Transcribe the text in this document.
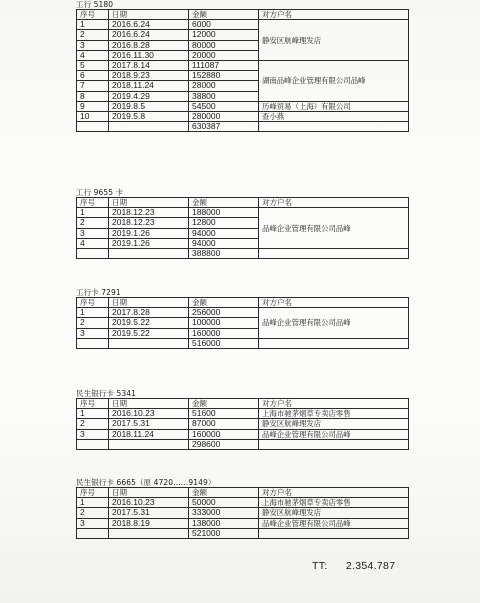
工行 5180
序号	日期	金额	对方户名
1	2016.6.24	6000	静安区航峰理发店
2	2016.6.24	12000	
3	2016.8.28	80000	
4	2016.11.30	20000	
5	2017.8.14	111087	湖南品峰企业管理有限公司品峰
6	2018.9.23	152880	
7	2018.11.24	28000	
8	2019.4.29	38800	
9	2019.8.5	54500	历峰贸易（上海）有限公司
10	2019.5.8	280000	查小燕
		630387	
工行 9655 卡
序号	日期	金额	对方户名
1	2018.12.23	188000	品峰企业管理有限公司品峰
2	2018.12.23	12800	
3	2019.1.26	94000	
4	2019.1.26	94000	
		388800	
工行卡 7291
序号	日期	金额	对方户名
1	2017.8.28	256000	品峰企业管理有限公司品峰
2	2019.5.22	100000	
3	2019.5.22	160000	
		516000	
民生银行卡 5341
序号	日期	金额	对方户名
1	2016.10.23	51600	上海市驰茅烟草专卖店零售
2	2017.5.31	87000	静安区航峰理发店
3	2018.11.24	160000	品峰企业管理有限公司品峰
		298600	
民生银行卡 6665（原 4720……9149）
序号	日期	金额	对方户名
1	2016.10.23	50000	上海市驰茅烟草专卖店零售
2	2017.5.31	333000	静安区航峰理发店
3	2018.8.19	138000	品峰企业管理有限公司品峰
		521000	
TT: 2.354.787
